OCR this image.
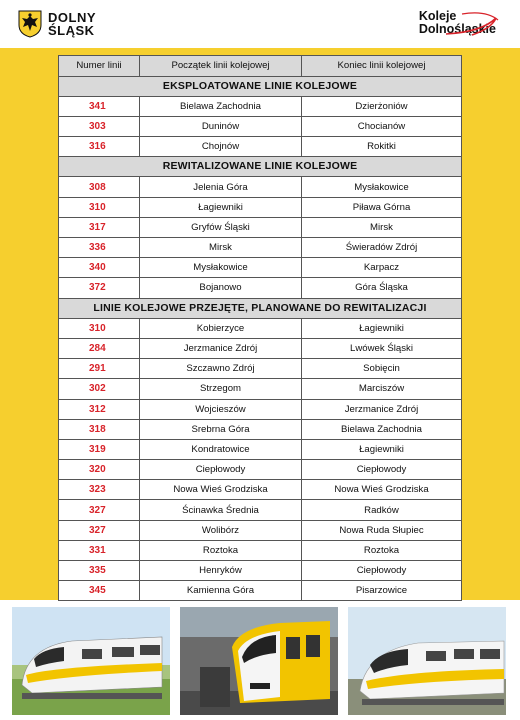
DOLNY
ŚLĄSK
Koleje
Dolnośląskie
Numer linii	Początek linii kolejowej	Koniec linii kolejowej
EKSPLOATOWANE LINIE KOLEJOWE		
341	Bielawa Zachodnia	Dzierżoniów
303	Duninów	Chocianów
316	Chojnów	Rokitki
REWITALIZOWANE LINIE KOLEJOWE		
308	Jelenia Góra	Mysłakowice
310	Łagiewniki	Piława Górna
317	Gryfów Śląski	Mirsk
336	Mirsk	Świeradów Zdrój
340	Mysłakowice	Karpacz
372	Bojanowo	Góra Śląska
LINIE KOLEJOWE PRZEJĘTE, PLANOWANE DO REWITALIZACJI		
310	Kobierzyce	Łagiewniki
284	Jerzmanice Zdrój	Lwówek Śląski
291	Szczawno Zdrój	Sobięcin
302	Strzegom	Marciszów
312	Wojcieszów	Jerzmanice Zdrój
318	Srebrna Góra	Bielawa Zachodnia
319	Kondratowice	Łagiewniki
320	Ciepłowody	Ciepłowody
323	Nowa Wieś Grodziska	Nowa Wieś Grodziska
327	Ścinawka Średnia	Radków
327	Wolibórz	Nowa Ruda Słupiec
331	Roztoka	Roztoka
335	Henryków	Ciepłowody
345	Kamienna Góra	Pisarzowice
